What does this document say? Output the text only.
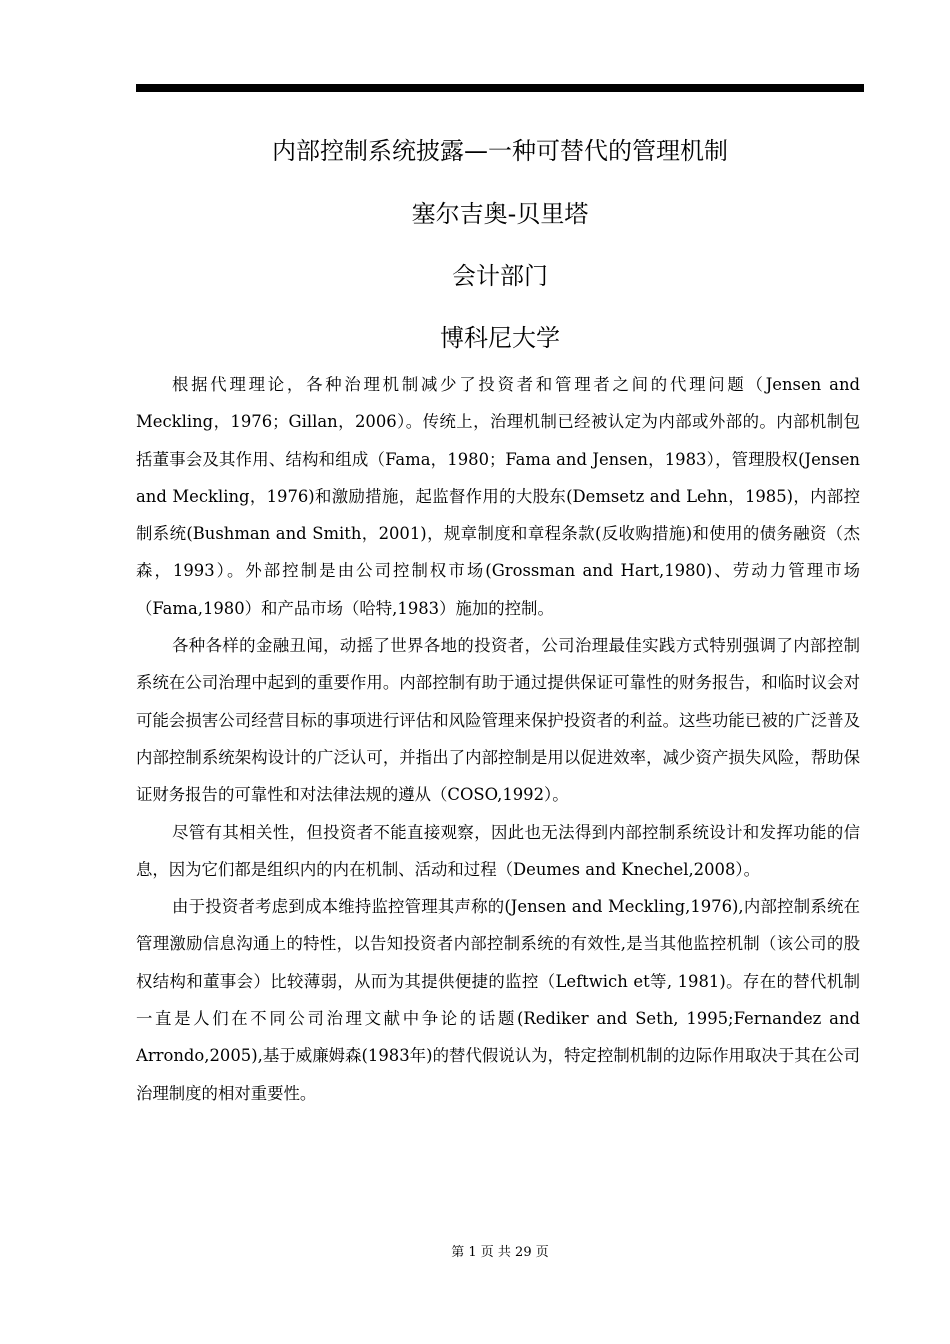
内部控制系统披露—一种可替代的管理机制
塞尔吉奥-贝里塔
会计部门
博科尼大学

根据代理理论，各种治理机制减少了投资者和管理者之间的代理问题（Jensen and Meckling，1976；Gillan，2006）。传统上，治理机制已经被认定为内部或外部的。内部机制包括董事会及其作用、结构和组成（Fama，1980；Fama and Jensen，1983），管理股权(Jensen and Meckling，1976)和激励措施，起监督作用的大股东(Demsetz and Lehn，1985)，内部控制系统(Bushman and Smith，2001)，规章制度和章程条款(反收购措施)和使用的债务融资（杰森，1993）。外部控制是由公司控制权市场(Grossman and Hart,1980)、劳动力管理市场（Fama,1980）和产品市场（哈特,1983）施加的控制。

各种各样的金融丑闻，动摇了世界各地的投资者，公司治理最佳实践方式特别强调了内部控制系统在公司治理中起到的重要作用。内部控制有助于通过提供保证可靠性的财务报告，和临时议会对可能会损害公司经营目标的事项进行评估和风险管理来保护投资者的利益。这些功能已被的广泛普及内部控制系统架构设计的广泛认可，并指出了内部控制是用以促进效率，减少资产损失风险，帮助保证财务报告的可靠性和对法律法规的遵从（COSO,1992）。

尽管有其相关性，但投资者不能直接观察，因此也无法得到内部控制系统设计和发挥功能的信息，因为它们都是组织内的内在机制、活动和过程（Deumes and Knechel,2008）。

由于投资者考虑到成本维持监控管理其声称的(Jensen and Meckling,1976),内部控制系统在管理激励信息沟通上的特性，以告知投资者内部控制系统的有效性,是当其他监控机制（该公司的股权结构和董事会）比较薄弱，从而为其提供便捷的监控（Leftwich et等, 1981)。存在的替代机制一直是人们在不同公司治理文献中争论的话题(Rediker and Seth, 1995;Fernandez and Arrondo,2005),基于威廉姆森(1983年)的替代假说认为，特定控制机制的边际作用取决于其在公司治理制度的相对重要性。

第 1 页 共 29 页
